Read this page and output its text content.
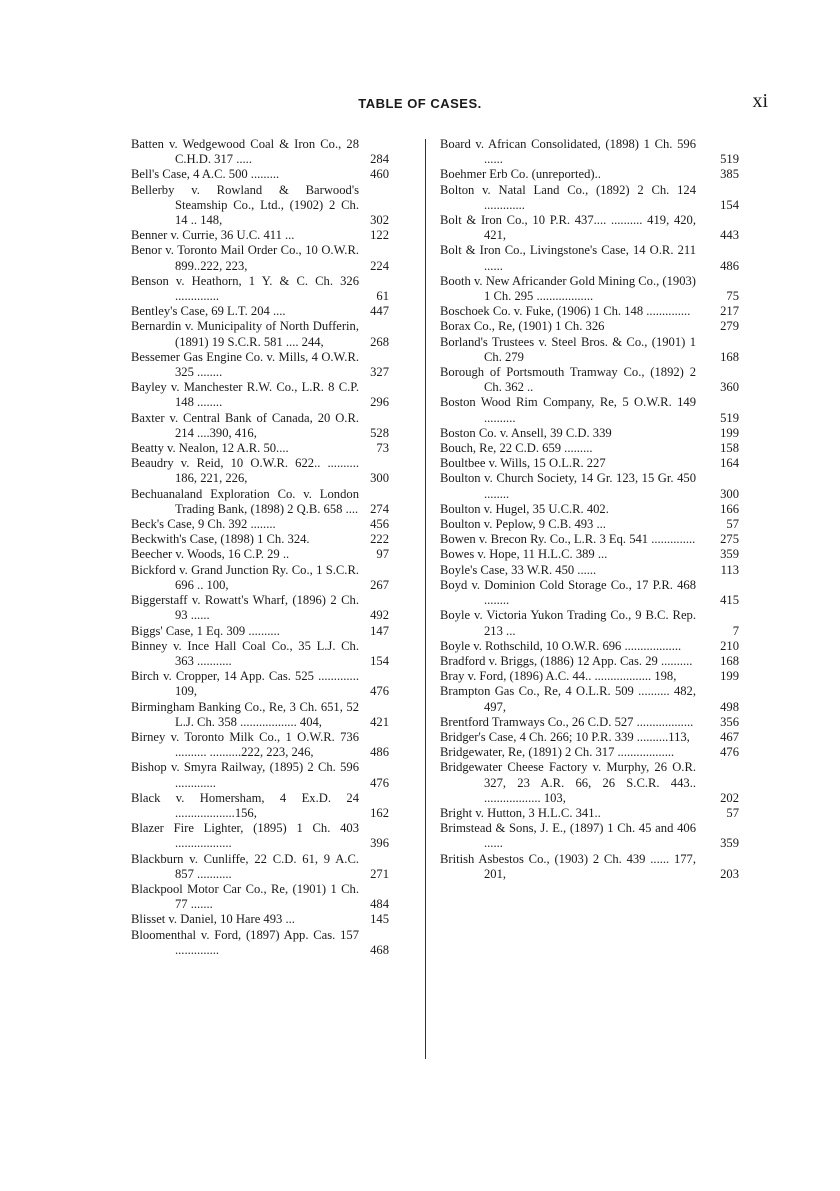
TABLE OF CASES.	xi
Batten v. Wedgewood Coal & Iron Co., 28 C.H.D. 317 .....	284
Bell's Case, 4 A.C. 500 .........	460
Bellerby v. Rowland & Barwood's Steamship Co., Ltd., (1902) 2 Ch. 14 .. 148,	302
Benner v. Currie, 36 U.C. 411 ...	122
Benor v. Toronto Mail Order Co., 10 O.W.R. 899..222, 223,	224
Benson v. Heathorn, 1 Y. & C. Ch. 326 ..............	61
Bentley's Case, 69 L.T. 204 ....	447
Bernardin v. Municipality of North Dufferin, (1891) 19 S.C.R. 581 .... 244,	268
Bessemer Gas Engine Co. v. Mills, 4 O.W.R. 325 ........	327
Bayley v. Manchester R.W. Co., L.R. 8 C.P. 148 ........	296
Baxter v. Central Bank of Canada, 20 O.R. 214 ....390, 416,	528
Beatty v. Nealon, 12 A.R. 50....	73
Beaudry v. Reid, 10 O.W.R. 622.. .......... 186, 221, 226,	300
Bechuanaland Exploration Co. v. London Trading Bank, (1898) 2 Q.B. 658 .... 274
Beck's Case, 9 Ch. 392 ........	456
Beckwith's Case, (1898) 1 Ch. 324.	222
Beecher v. Woods, 16 C.P. 29 ..	97
Bickford v. Grand Junction Ry. Co., 1 S.C.R. 696 .. 100,	267
Biggerstaff v. Rowatt's Wharf, (1896) 2 Ch. 93 ......	492
Biggs' Case, 1 Eq. 309 ..........	147
Binney v. Ince Hall Coal Co., 35 L.J. Ch. 363 ...........	154
Birch v. Cropper, 14 App. Cas. 525 ............. 109,	476
Birmingham Banking Co., Re, 3 Ch. 651, 52 L.J. Ch. 358 .................. 404,	421
Birney v. Toronto Milk Co., 1 O.W.R. 736 .......... ..........222, 223, 246,	486
Bishop v. Smyra Railway, (1895) 2 Ch. 596 .............	476
Black v. Homersham, 4 Ex.D. 24 ...................156,	162
Blazer Fire Lighter, (1895) 1 Ch. 403 ..................	396
Blackburn v. Cunliffe, 22 C.D. 61, 9 A.C. 857 ...........	271
Blackpool Motor Car Co., Re, (1901) 1 Ch. 77 .......	484
Blisset v. Daniel, 10 Hare 493 ...	145
Bloomenthal v. Ford, (1897) App. Cas. 157 ..............	468
Board v. African Consolidated, (1898) 1 Ch. 596 ......	519
Boehmer Erb Co. (unreported)..	385
Bolton v. Natal Land Co., (1892) 2 Ch. 124 .............	154
Bolt & Iron Co., 10 P.R. 437.... .......... 419, 420, 421,	443
Bolt & Iron Co., Livingstone's Case, 14 O.R. 211 ......	486
Booth v. New Africander Gold Mining Co., (1903) 1 Ch. 295 ..................	75
Boschoek Co. v. Fuke, (1906) 1 Ch. 148 ..............	217
Borax Co., Re, (1901) 1 Ch. 326	279
Borland's Trustees v. Steel Bros. & Co., (1901) 1 Ch. 279	168
Borough of Portsmouth Tramway Co., (1892) 2 Ch. 362 ..	360
Boston Wood Rim Company, Re, 5 O.W.R. 149 ..........	519
Boston Co. v. Ansell, 39 C.D. 339	199
Bouch, Re, 22 C.D. 659 .........	158
Boultbee v. Wills, 15 O.L.R. 227	164
Boulton v. Church Society, 14 Gr. 123, 15 Gr. 450 ........	300
Boulton v. Hugel, 35 U.C.R. 402.	166
Boulton v. Peplow, 9 C.B. 493 ...	57
Bowen v. Brecon Ry. Co., L.R. 3 Eq. 541 ..............	275
Bowes v. Hope, 11 H.L.C. 389 ...	359
Boyle's Case, 33 W.R. 450 ......	113
Boyd v. Dominion Cold Storage Co., 17 P.R. 468 ........	415
Boyle v. Victoria Yukon Trading Co., 9 B.C. Rep. 213 ...	7
Boyle v. Rothschild, 10 O.W.R. 696 ..................	210
Bradford v. Briggs, (1886) 12 App. Cas. 29 ..........	168
Bray v. Ford, (1896) A.C. 44.. .................. 198,	199
Brampton Gas Co., Re, 4 O.L.R. 509 .......... 482, 497,	498
Brentford Tramways Co., 26 C.D. 527 ..................	356
Bridger's Case, 4 Ch. 266; 10 P.R. 339 ..........113,	467
Bridgewater, Re, (1891) 2 Ch. 317 ..................	476
Bridgewater Cheese Factory v. Murphy, 26 O.R. 327, 23 A.R. 66, 26 S.C.R. 443.. .................. 103,	202
Bright v. Hutton, 3 H.L.C. 341..	57
Brimstead & Sons, J. E., (1897) 1 Ch. 45 and 406 ......	359
British Asbestos Co., (1903) 2 Ch. 439 ...... 177, 201,	203
